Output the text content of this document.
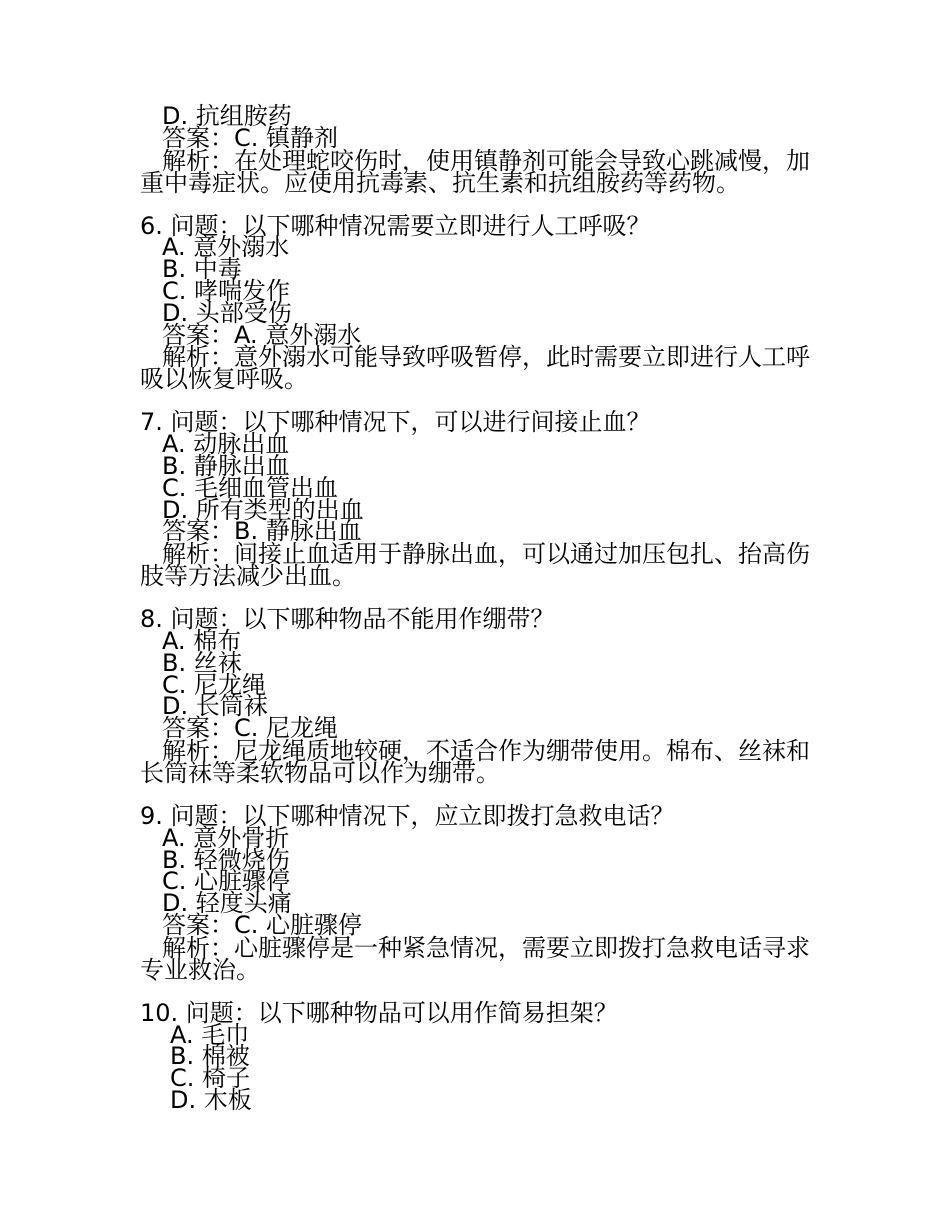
D. 抗组胺药
答案：C. 镇静剂
解析：在处理蛇咬伤时，使用镇静剂可能会导致心跳减慢，加重中毒症状。应使用抗毒素、抗生素和抗组胺药等药物。
6. 问题：以下哪种情况需要立即进行人工呼吸？
A. 意外溺水
B. 中毒
C. 哮喘发作
D. 头部受伤
答案：A. 意外溺水
解析：意外溺水可能导致呼吸暂停，此时需要立即进行人工呼吸以恢复呼吸。
7. 问题：以下哪种情况下，可以进行间接止血？
A. 动脉出血
B. 静脉出血
C. 毛细血管出血
D. 所有类型的出血
答案：B. 静脉出血
解析：间接止血适用于静脉出血，可以通过加压包扎、抬高伤肢等方法减少出血。
8. 问题：以下哪种物品不能用作绷带？
A. 棉布
B. 丝袜
C. 尼龙绳
D. 长筒袜
答案：C. 尼龙绳
解析：尼龙绳质地较硬，不适合作为绷带使用。棉布、丝袜和长筒袜等柔软物品可以作为绷带。
9. 问题：以下哪种情况下，应立即拨打急救电话？
A. 意外骨折
B. 轻微烧伤
C. 心脏骤停
D. 轻度头痛
答案：C. 心脏骤停
解析：心脏骤停是一种紧急情况，需要立即拨打急救电话寻求专业救治。
10. 问题：以下哪种物品可以用作简易担架？
A. 毛巾
B. 棉被
C. 椅子
D. 木板
